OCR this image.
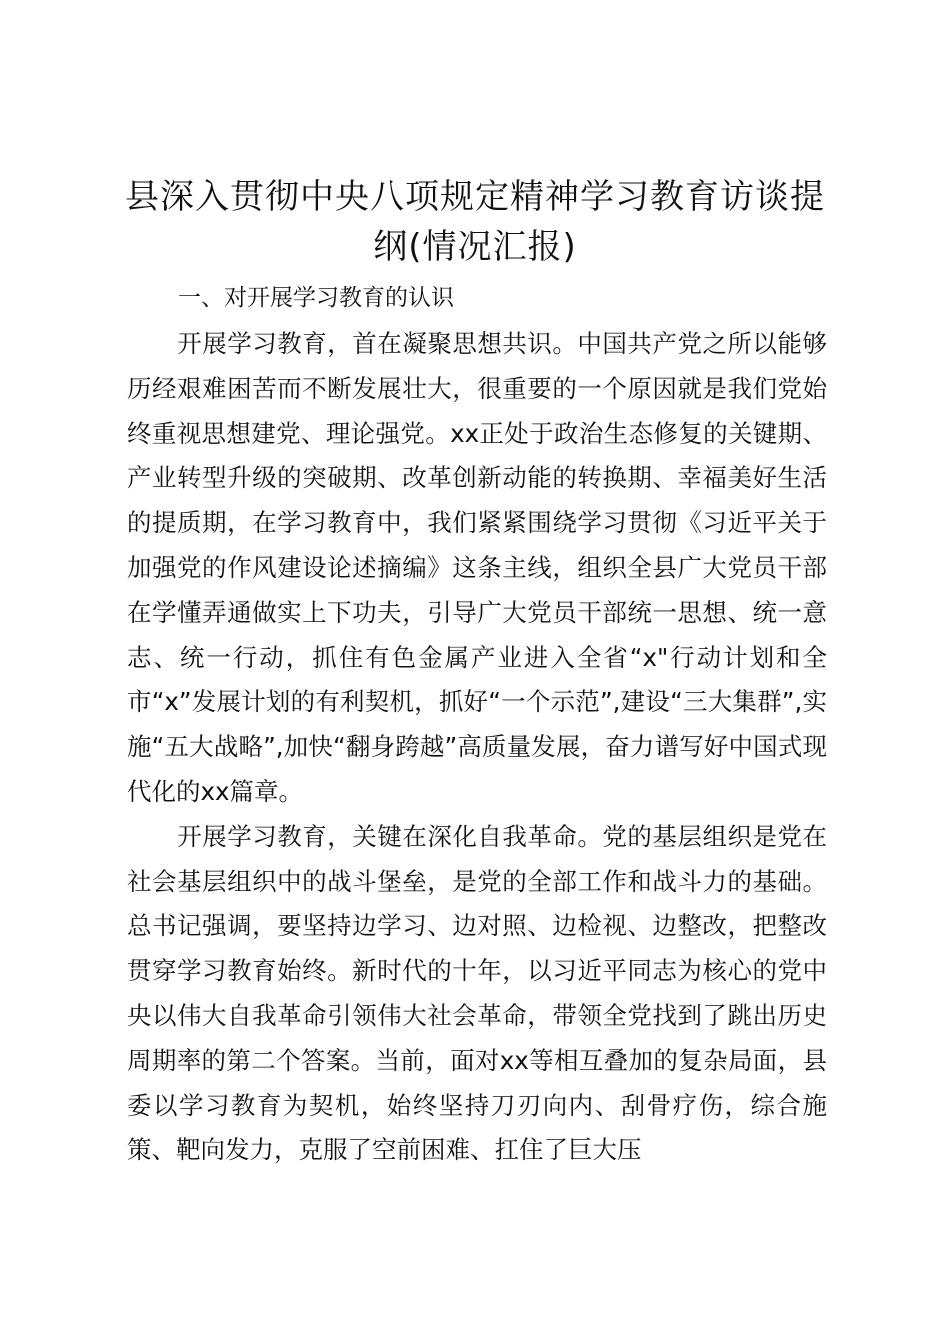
县深入贯彻中央八项规定精神学习教育访谈提纲(情况汇报)
一、对开展学习教育的认识

开展学习教育，首在凝聚思想共识。中国共产党之所以能够历经艰难困苦而不断发展壮大，很重要的一个原因就是我们党始终重视思想建党、理论强党。xx正处于政治生态修复的关键期、产业转型升级的突破期、改革创新动能的转换期、幸福美好生活的提质期，在学习教育中，我们紧紧围绕学习贯彻《习近平关于加强党的作风建设论述摘编》这条主线，组织全县广大党员干部在学懂弄通做实上下功夫，引导广大党员干部统一思想、统一意志、统一行动，抓住有色金属产业进入全省“x"行动计划和全市“x”发展计划的有利契机，抓好“一个示范”,建设“三大集群”,实施“五大战略”,加快“翻身跨越”高质量发展，奋力谱写好中国式现代化的xx篇章。

开展学习教育，关键在深化自我革命。党的基层组织是党在社会基层组织中的战斗堡垒，是党的全部工作和战斗力的基础。总书记强调，要坚持边学习、边对照、边检视、边整改，把整改贯穿学习教育始终。新时代的十年，以习近平同志为核心的党中央以伟大自我革命引领伟大社会革命，带领全党找到了跳出历史周期率的第二个答案。当前，面对xx等相互叠加的复杂局面，县委以学习教育为契机，始终坚持刀刃向内、刮骨疗伤，综合施策、靶向发力，克服了空前困难、扛住了巨大压
